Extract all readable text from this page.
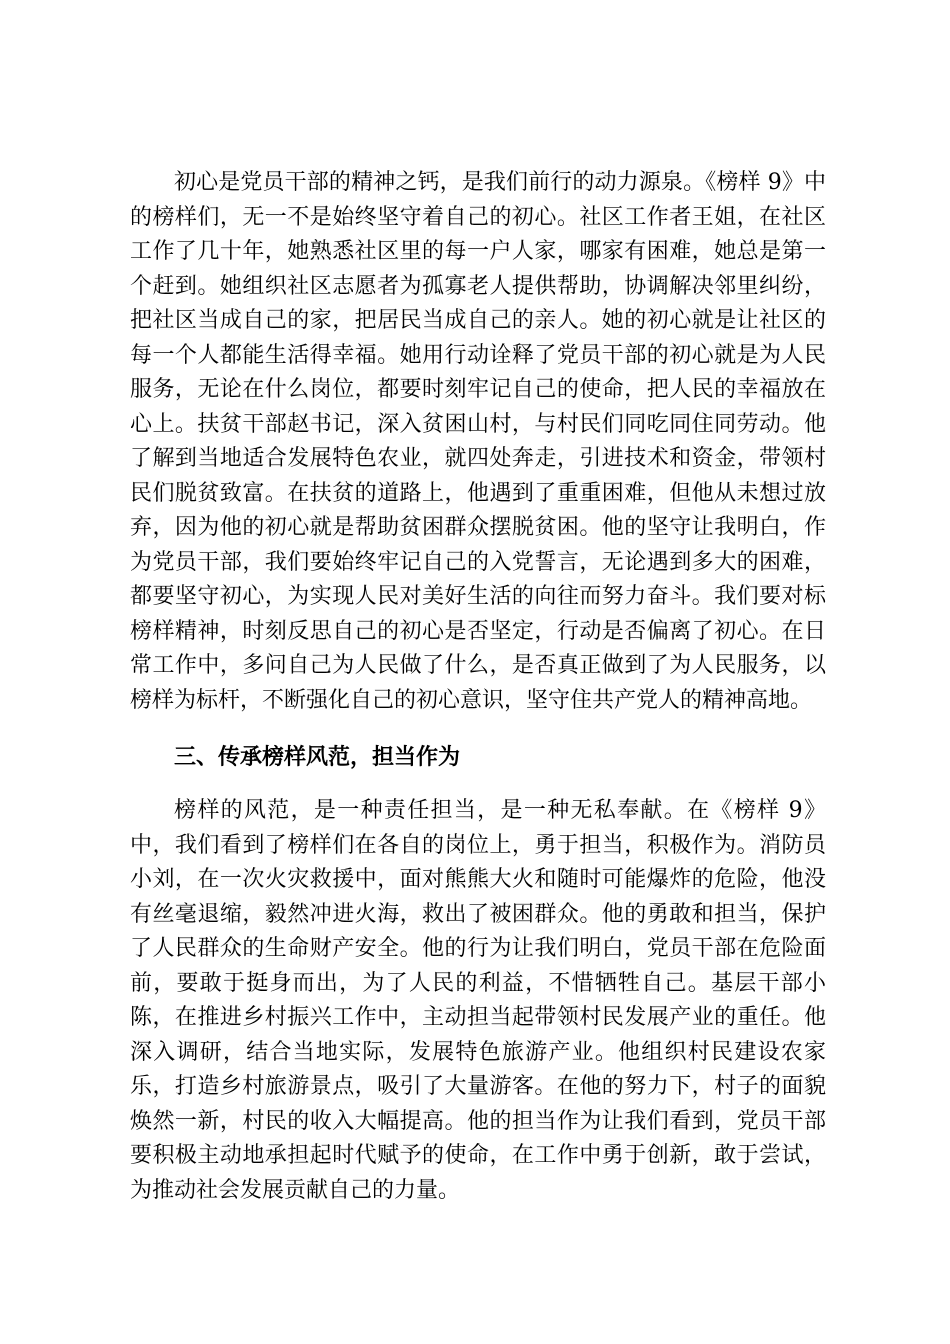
初心是党员干部的精神之钙，是我们前行的动力源泉。《榜样 9》中的榜样们，无一不是始终坚守着自己的初心。社区工作者王姐，在社区工作了几十年，她熟悉社区里的每一户人家，哪家有困难，她总是第一个赶到。她组织社区志愿者为孤寡老人提供帮助，协调解决邻里纠纷，把社区当成自己的家，把居民当成自己的亲人。她的初心就是让社区的每一个人都能生活得幸福。她用行动诠释了党员干部的初心就是为人民服务，无论在什么岗位，都要时刻牢记自己的使命，把人民的幸福放在心上。扶贫干部赵书记，深入贫困山村，与村民们同吃同住同劳动。他了解到当地适合发展特色农业，就四处奔走，引进技术和资金，带领村民们脱贫致富。在扶贫的道路上，他遇到了重重困难，但他从未想过放弃，因为他的初心就是帮助贫困群众摆脱贫困。他的坚守让我明白，作为党员干部，我们要始终牢记自己的入党誓言，无论遇到多大的困难，都要坚守初心，为实现人民对美好生活的向往而努力奋斗。我们要对标榜样精神，时刻反思自己的初心是否坚定，行动是否偏离了初心。在日常工作中，多问自己为人民做了什么，是否真正做到了为人民服务，以榜样为标杆，不断强化自己的初心意识，坚守住共产党人的精神高地。

三、传承榜样风范，担当作为

榜样的风范，是一种责任担当，是一种无私奉献。在《榜样 9》中，我们看到了榜样们在各自的岗位上，勇于担当，积极作为。消防员小刘，在一次火灾救援中，面对熊熊大火和随时可能爆炸的危险，他没有丝毫退缩，毅然冲进火海，救出了被困群众。他的勇敢和担当，保护了人民群众的生命财产安全。他的行为让我们明白，党员干部在危险面前，要敢于挺身而出，为了人民的利益，不惜牺牲自己。基层干部小陈，在推进乡村振兴工作中，主动担当起带领村民发展产业的重任。他深入调研，结合当地实际，发展特色旅游产业。他组织村民建设农家乐，打造乡村旅游景点，吸引了大量游客。在他的努力下，村子的面貌焕然一新，村民的收入大幅提高。他的担当作为让我们看到，党员干部要积极主动地承担起时代赋予的使命，在工作中勇于创新，敢于尝试，为推动社会发展贡献自己的力量。
